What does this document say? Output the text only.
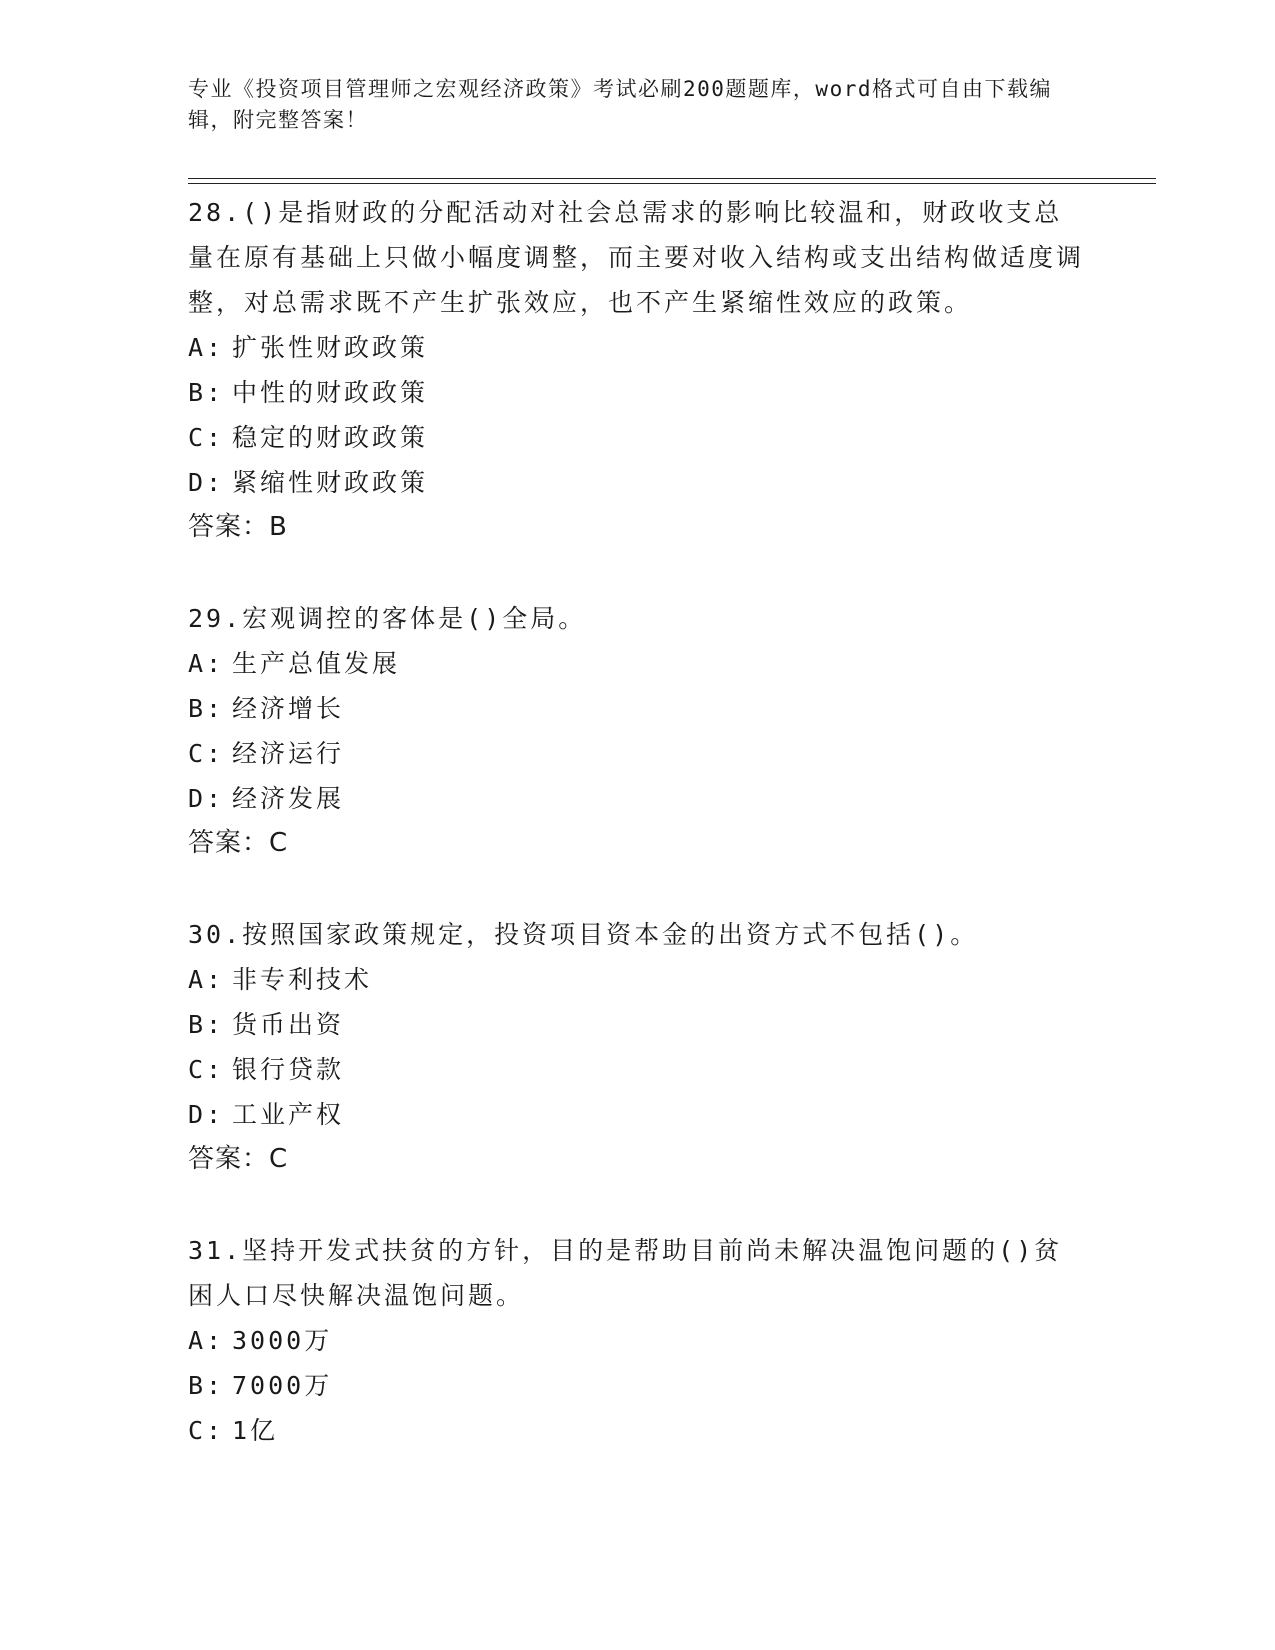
专业《投资项目管理师之宏观经济政策》考试必刷200题题库，word格式可自由下载编辑，附完整答案！
28.()是指财政的分配活动对社会总需求的影响比较温和，财政收支总量在原有基础上只做小幅度调整，而主要对收入结构或支出结构做适度调整，对总需求既不产生扩张效应，也不产生紧缩性效应的政策。
A: 扩张性财政政策
B: 中性的财政政策
C: 稳定的财政政策
D: 紧缩性财政政策
答案：B
29.宏观调控的客体是()全局。
A: 生产总值发展
B: 经济增长
C: 经济运行
D: 经济发展
答案：C
30.按照国家政策规定，投资项目资本金的出资方式不包括()。
A: 非专利技术
B: 货币出资
C: 银行贷款
D: 工业产权
答案：C
31.坚持开发式扶贫的方针，目的是帮助目前尚未解决温饱问题的()贫困人口尽快解决温饱问题。
A: 3000万
B: 7000万
C: 1亿
